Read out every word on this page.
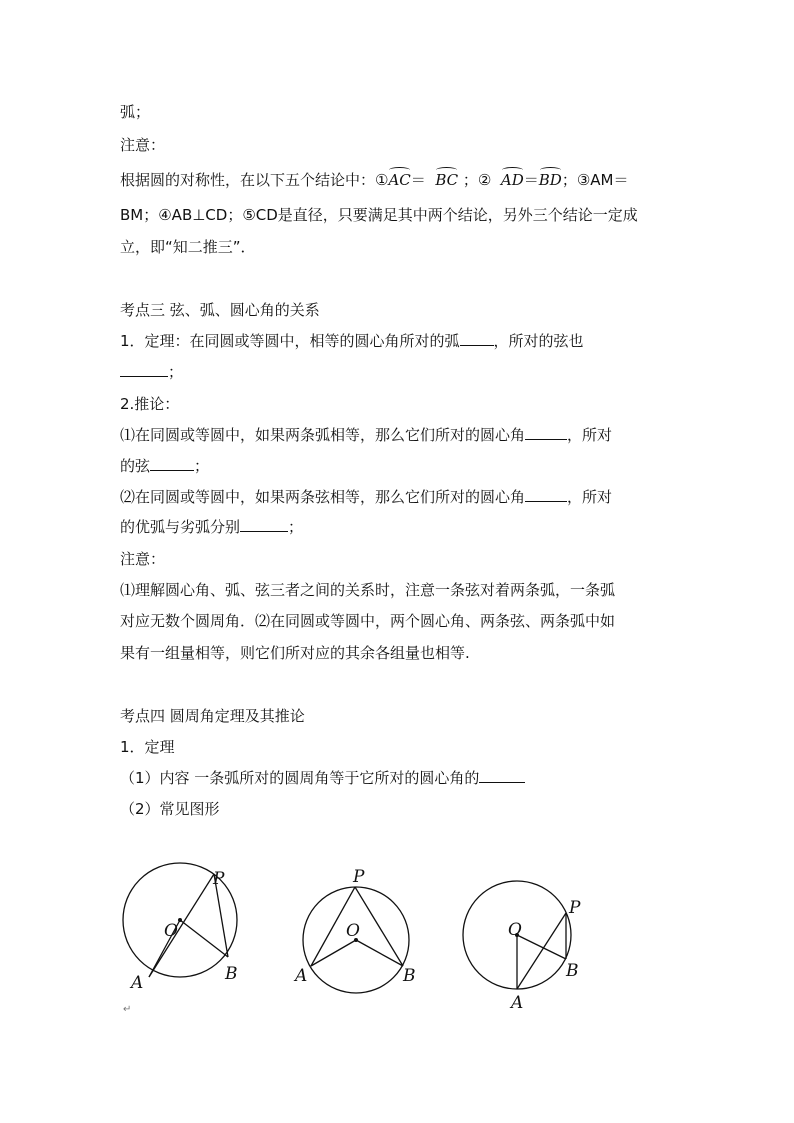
弧；
注意：
根据圆的对称性，在以下五个结论中：①AC＝ BC ；② AD＝BD；③AM＝
BM；④AB⊥CD；⑤CD是直径，只要满足其中两个结论，另外三个结论一定成
立，即“知二推三”．
考点三 弦、弧、圆心角的关系
1．定理：在同圆或等圆中，相等的圆心角所对的弧 ，所对的弦也
；
2.推论：
⑴在同圆或等圆中，如果两条弧相等，那么它们所对的圆心角	，所对
的弦	；
⑵在同圆或等圆中，如果两条弦相等，那么它们所对的圆心角	，所对
的优弧与劣弧分别	；
注意：
⑴理解圆心角、弧、弦三者之间的关系时，注意一条弦对着两条弧，一条弧
对应无数个圆周角．⑵在同圆或等圆中，两个圆心角、两条弦、两条弧中如
果有一组量相等，则它们所对应的其余各组量也相等.
考点四 圆周角定理及其推论
1．定理
（1）内容 一条弧所对的圆周角等于它所对的圆心角的
（2）常见图形
P
O
A	B
P
O
A	B
P
O
A
B
↵
